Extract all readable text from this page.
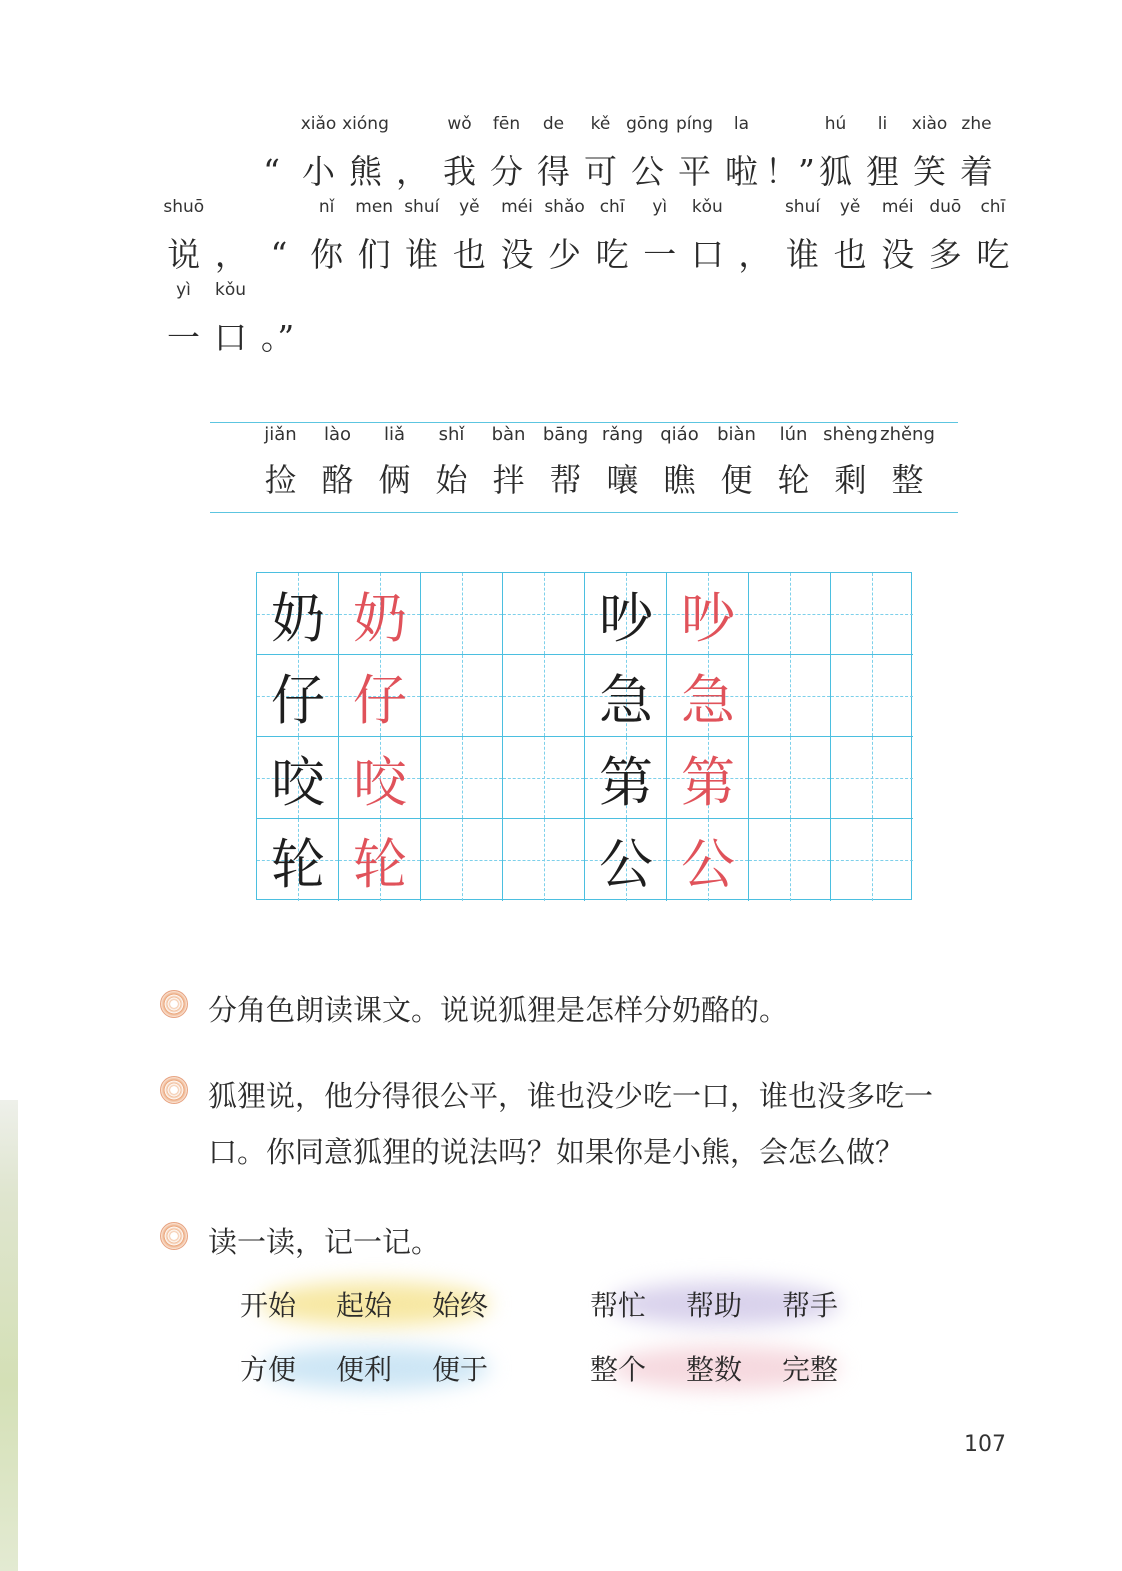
“
xiǎo
小
xióng
熊 ，
wǒ
我
fēn
分
de
得
kě
可
gōng
公
píng
平
la
啦 ！”
hú
狐
li
狸
xiào
笑
zhe
着
shuō
说 ， “
nǐ
你
men
们
shuí
谁
yě
也
méi
没
shǎo
少
chī
吃
yì
一
kǒu
口 ，
shuí
谁
yě
也
méi
没
duō
多
chī
吃
yì
一
kǒu
口 。”
jiǎn
捡
lào
酪
liǎ
俩
shǐ
始
bàn
拌
bāng
帮
rǎng
嚷
qiáo
瞧
biàn
便
lún
轮
shèng
剩
zhěng
整
奶 奶	吵 吵
仔 仔	急 急
咬 咬	第 第
轮 轮	公 公
分角色朗读课文。说说狐狸是怎样分奶酪的。
狐狸说，他分得很公平，谁也没少吃一口，谁也没多吃一
口。你同意狐狸的说法吗？如果你是小熊，会怎么做？
读一读，记一记。
开始 起始 始终	帮忙 帮助 帮手
方便 便利 便于	整个 整数 完整
107
